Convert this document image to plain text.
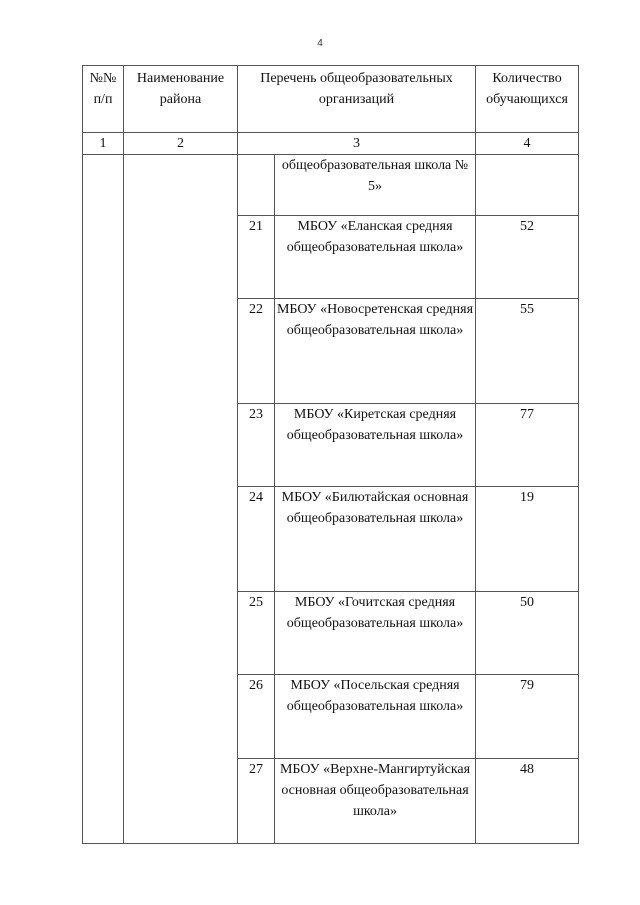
4
№№ п/п	Наименование района	Перечень общеобразовательных организаций		Количество обучающихся
1	2	3		4
			общеобразовательная школа № 5»	
		21	МБОУ «Еланская средняя общеобразовательная школа»	52
		22	МБОУ «Новосретенская средняя общеобразовательная школа»	55
		23	МБОУ «Киретская средняя общеобразовательная школа»	77
		24	МБОУ «Билютайская основная общеобразовательная школа»	19
		25	МБОУ «Гочитская средняя общеобразовательная школа»	50
		26	МБОУ «Посельская средняя общеобразовательная школа»	79
		27	МБОУ «Верхне-Мангиртуйская основная общеобразовательная школа»	48
